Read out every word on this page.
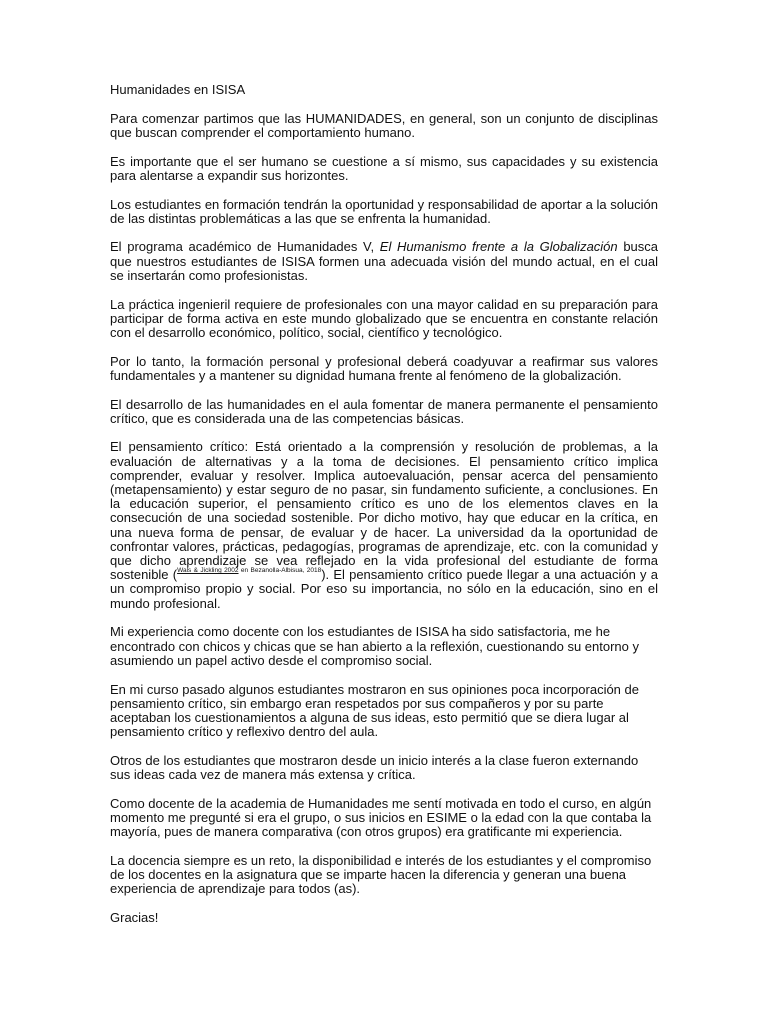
Humanidades en ISISA

Para comenzar partimos que las HUMANIDADES, en general, son un conjunto de disciplinas que buscan comprender el comportamiento humano.

Es importante que el ser humano se cuestione a sí mismo, sus capacidades y su existencia para alentarse a expandir sus horizontes.

Los estudiantes en formación tendrán la oportunidad y responsabilidad de aportar a la solución de las distintas problemáticas a las que se enfrenta la humanidad.

El programa académico de Humanidades V, El Humanismo frente a la Globalización busca que nuestros estudiantes de ISISA formen una adecuada visión del mundo actual, en el cual se insertarán como profesionistas.

La práctica ingenieril requiere de profesionales con una mayor calidad en su preparación para participar de forma activa en este mundo globalizado que se encuentra en constante relación con el desarrollo económico, político, social, científico y tecnológico.

Por lo tanto, la formación personal y profesional deberá coadyuvar a reafirmar sus valores fundamentales y a mantener su dignidad humana frente al fenómeno de la globalización.

El desarrollo de las humanidades en el aula fomentar de manera permanente el pensamiento crítico, que es considerada una de las competencias básicas.

El pensamiento crítico: Está orientado a la comprensión y resolución de problemas, a la evaluación de alternativas y a la toma de decisiones. El pensamiento crítico implica comprender, evaluar y resolver. Implica autoevaluación, pensar acerca del pensamiento (metapensamiento) y estar seguro de no pasar, sin fundamento suficiente, a conclusiones. En la educación superior, el pensamiento crítico es uno de los elementos claves en la consecución de una sociedad sostenible. Por dicho motivo, hay que educar en la crítica, en una nueva forma de pensar, de evaluar y de hacer. La universidad da la oportunidad de confrontar valores, prácticas, pedagogías, programas de aprendizaje, etc. con la comunidad y que dicho aprendizaje se vea reflejado en la vida profesional del estudiante de forma sostenible ($^{Wals \& Jickling 2002 en Bezanolla-Albisua, 2018}$). El pensamiento crítico puede llegar a una actuación y a un compromiso propio y social. Por eso su importancia, no sólo en la educación, sino en el mundo profesional.

Mi experiencia como docente con los estudiantes de ISISA ha sido satisfactoria, me he encontrado con chicos y chicas que se han abierto a la reflexión, cuestionando su entorno y asumiendo un papel activo desde el compromiso social.

En mi curso pasado algunos estudiantes mostraron en sus opiniones poca incorporación de pensamiento crítico, sin embargo eran respetados por sus compañeros y por su parte aceptaban los cuestionamientos a alguna de sus ideas, esto permitió que se diera lugar al pensamiento crítico y reflexivo dentro del aula.

Otros de los estudiantes que mostraron desde un inicio interés a la clase fueron externando sus ideas cada vez de manera más extensa y crítica.

Como docente de la academia de Humanidades me sentí motivada en todo el curso, en algún momento me pregunté si era el grupo, o sus inicios en ESIME o la edad con la que contaba la mayoría, pues de manera comparativa (con otros grupos) era gratificante mi experiencia.

La docencia siempre es un reto, la disponibilidad e interés de los estudiantes y el compromiso de los docentes en la asignatura que se imparte hacen la diferencia y generan una buena experiencia de aprendizaje para todos (as).

Gracias!
